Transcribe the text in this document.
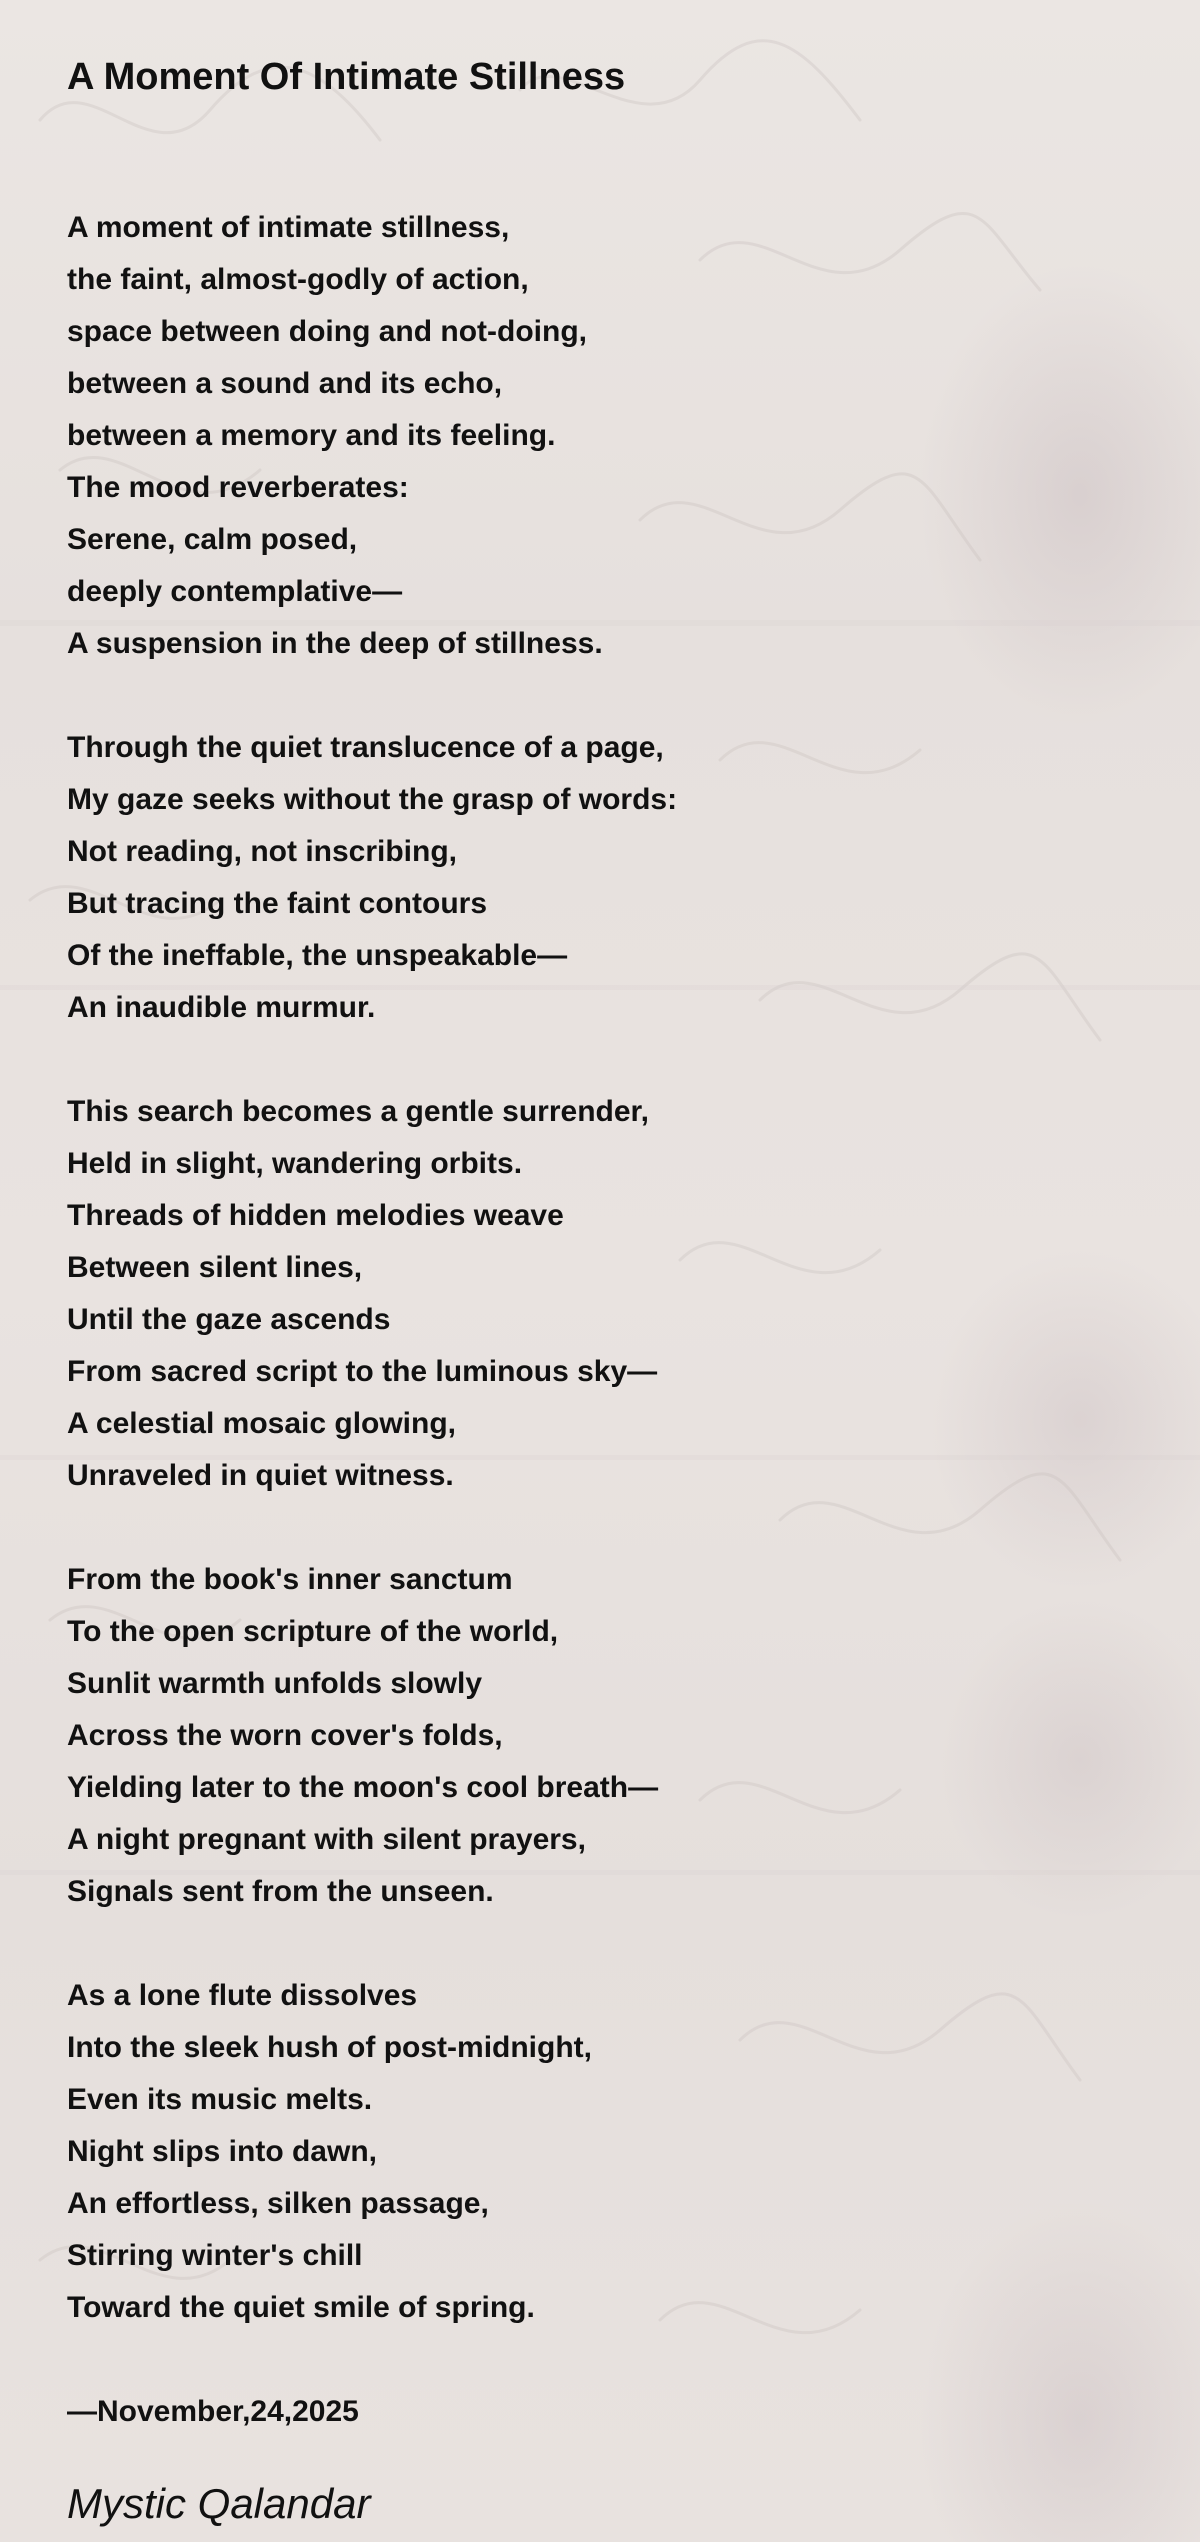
A Moment Of Intimate Stillness
A moment of intimate stillness,
the faint, almost-godly of action,
space between doing and not-doing,
between a sound and its echo,
between a memory and its feeling.
The mood reverberates:
Serene, calm posed,
deeply contemplative—
A suspension in the deep of stillness.
Through the quiet translucence of a page,
My gaze seeks without the grasp of words:
Not reading, not inscribing,
But tracing the faint contours
Of the ineffable, the unspeakable—
An inaudible murmur.
This search becomes a gentle surrender,
Held in slight, wandering orbits.
Threads of hidden melodies weave
Between silent lines,
Until the gaze ascends
From sacred script to the luminous sky—
A celestial mosaic glowing,
Unraveled in quiet witness.
From the book's inner sanctum
To the open scripture of the world,
Sunlit warmth unfolds slowly
Across the worn cover's folds,
Yielding later to the moon's cool breath—
A night pregnant with silent prayers,
Signals sent from the unseen.
As a lone flute dissolves
Into the sleek hush of post-midnight,
Even its music melts.
Night slips into dawn,
An effortless, silken passage,
Stirring winter's chill
Toward the quiet smile of spring.
—November,24,2025
Mystic Qalandar
